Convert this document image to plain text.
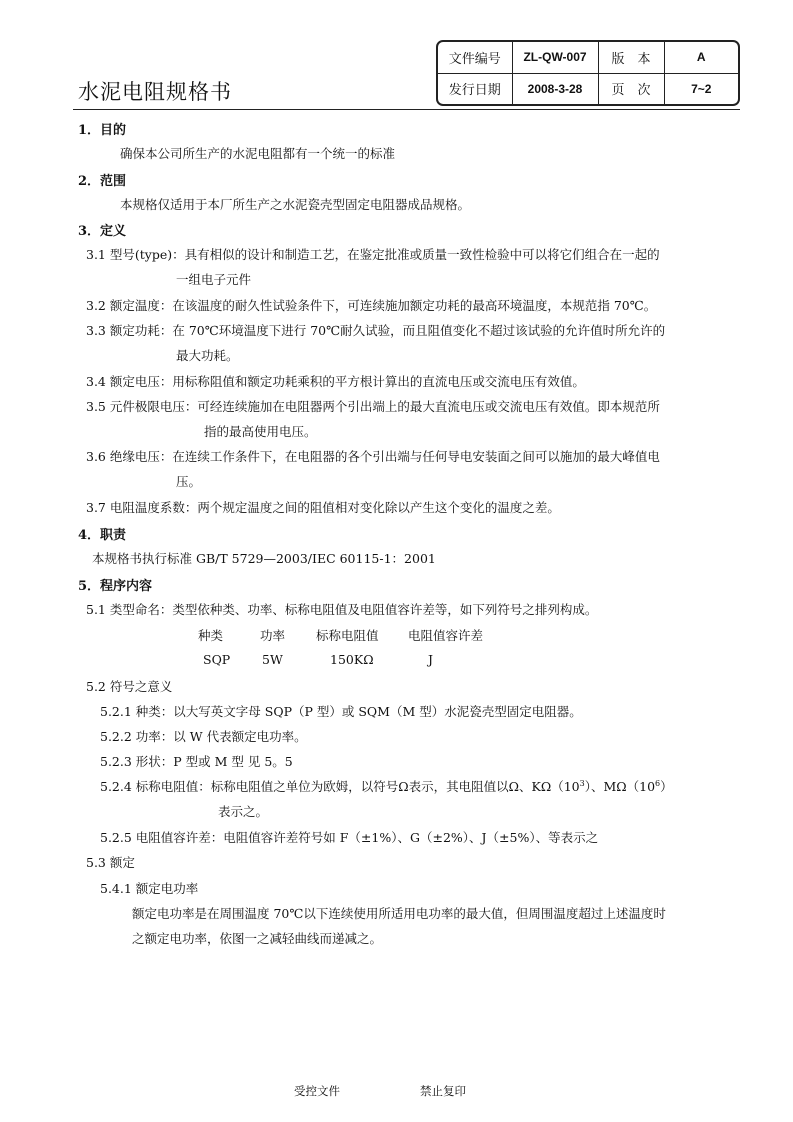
水泥电阻规格书
文件编号	ZL-QW-007	版　本	A
发行日期	2008-3-28	页　次	7~2
1．目的
确保本公司所生产的水泥电阻都有一个统一的标准
2．范围
本规格仅适用于本厂所生产之水泥瓷壳型固定电阻器成品规格。
3．定义
3.1 型号(type)：具有相似的设计和制造工艺，在鉴定批准或质量一致性检验中可以将它们组合在一起的
一组电子元件
3.2 额定温度：在该温度的耐久性试验条件下，可连续施加额定功耗的最高环境温度，本规范指 70℃。
3.3 额定功耗：在 70℃环境温度下进行 70℃耐久试验，而且阻值变化不超过该试验的允许值时所允许的
最大功耗。
3.4 额定电压：用标称阻值和额定功耗乘积的平方根计算出的直流电压或交流电压有效值。
3.5 元件极限电压：可经连续施加在电阻器两个引出端上的最大直流电压或交流电压有效值。即本规范所
指的最高使用电压。
3.6 绝缘电压：在连续工作条件下，在电阻器的各个引出端与任何导电安装面之间可以施加的最大峰值电
压。
3.7 电阻温度系数：两个规定温度之间的阻值相对变化除以产生这个变化的温度之差。
4．职责
本规格书执行标准 GB/T 5729—2003/IEC 60115-1：2001
5．程序内容
5.1 类型命名：类型依种类、功率、标称电阻值及电阻值容许差等，如下列符号之排列构成。
种类	功率 标称电阻值 电阻值容许差
SQP	5W	150KΩ	J
5.2 符号之意义
5.2.1 种类：以大写英文字母 SQP（P 型）或 SQM（M 型）水泥瓷壳型固定电阻器。
5.2.2 功率：以 W 代表额定电功率。
5.2.3 形状：P 型或 M 型 见 5。5
5.2.4 标称电阻值：标称电阻值之单位为欧姆，以符号Ω表示，其电阻值以Ω、$K\Omega(10^3)$、$M\Omega(10^6)$
表示之。
5.2.5 电阻值容许差：电阻值容许差符号如 F（±1%）、G（±2%）、J（±5%）、等表示之
5.3 额定
5.4.1 额定电功率
额定电功率是在周围温度 70℃以下连续使用所适用电功率的最大值，但周围温度超过上述温度时
之额定电功率，依图一之减轻曲线而递减之。
受控文件	禁止复印
